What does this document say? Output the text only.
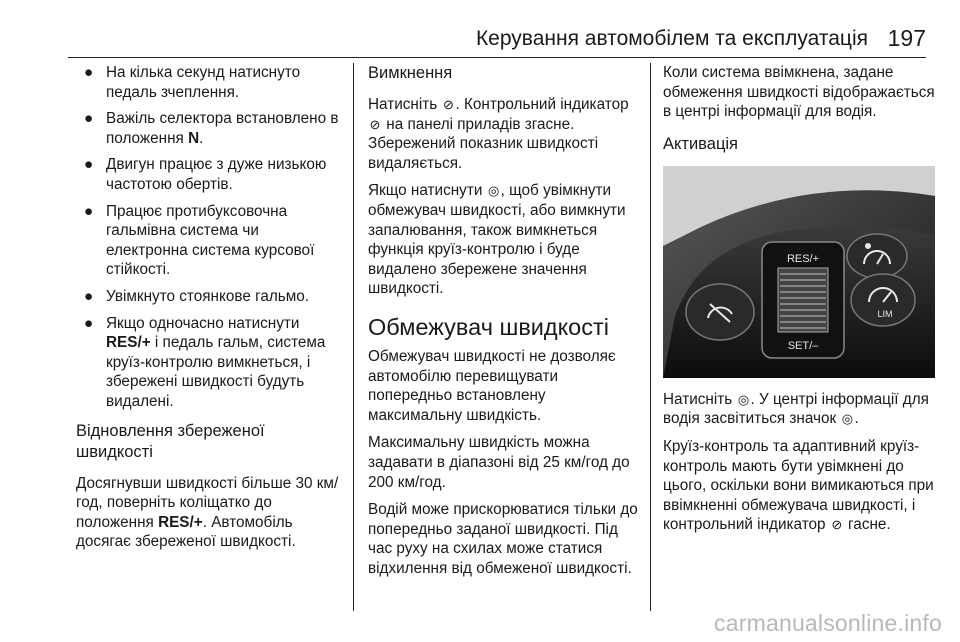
Керування автомобілем та експлуатація 197
● На кілька секунд натиснуто педаль зчеплення.
● Важіль селектора встановлено в положення N.
● Двигун працює з дуже низькою частотою обертів.
● Працює протибуксовочна гальмівна система чи електронна система курсової стійкості.
● Увімкнуто стоянкове гальмо.
● Якщо одночасно натиснути RES/+ і педаль гальм, система круїз-контролю вимкнеться, і збережені швидкості будуть видалені.
Відновлення збереженої швидкості

Досягнувши швидкості більше 30 км/год, поверніть коліщатко до положення RES/+. Автомобіль досягає збереженої швидкості.

Вимкнення

Натисніть ⊘ . Контрольний індикатор ⊘ на панелі приладів згасне. Збережений показник швидкості видаляється.

Якщо натиснути ◎, щоб увімкнути обмежувач швидкості, або вимкнути запалювання, також вимкнеться функція круїз-контролю і буде видалено збережене значення швидкості.

Обмежувач швидкості

Обмежувач швидкості не дозволяє автомобілю перевищувати попередньо встановлену максимальну швидкість.

Максимальну швидкість можна задавати в діапазоні від 25 км/год до 200 км/год.

Водій може прискорюватися тільки до попередньо заданої швидкості. Під час руху на схилах може статися відхилення від обмеженої швидкості.

Коли система ввімкнена, задане обмеження швидкості відображається в центрі інформації для водія.

Активація
RES/+
SET/–
LIM

Натисніть ◎. У центрі інформації для водія засвітиться значок ◎.

Круїз-контроль та адаптивний круїз-контроль мають бути увімкнені до цього, оскільки вони вимикаються при ввімкненні обмежувача швидкості, і контрольний індикатор ⊘ гасне.

carmanualsonline.info
